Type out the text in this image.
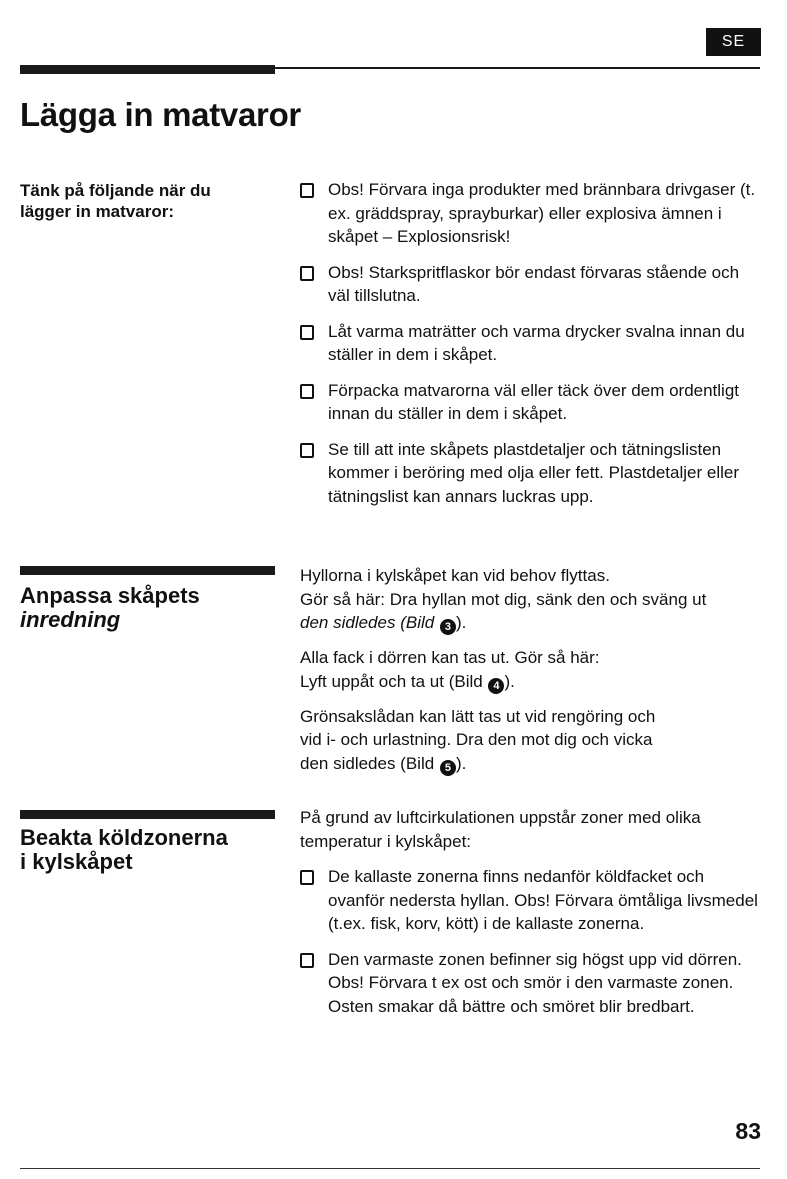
SE
Lägga in matvaror
Tänk på följande när du lägger in matvaror:
Obs! Förvara inga produkter med brännbara drivgaser (t. ex. gräddspray, sprayburkar) eller explosiva ämnen i skåpet – Explosionsrisk!
Obs! Starkspritflaskor bör endast förvaras stående och väl tillslutna.
Låt varma maträtter och varma drycker svalna innan du ställer in dem i skåpet.
Förpacka matvarorna väl eller täck över dem ordentligt innan du ställer in dem i skåpet.
Se till att inte skåpets plastdetaljer och tätningslisten kommer i beröring med olja eller fett. Plastdetaljer eller tätningslist kan annars luckras upp.
Anpassa skåpets
inredning

Hyllorna i kylskåpet kan vid behov flyttas.
Gör så här: Dra hyllan mot dig, sänk den och sväng ut
den sidledes (Bild 3 ).

Alla fack i dörren kan tas ut. Gör så här:
Lyft uppåt och ta ut (Bild 4 ).

Grönsakslådan kan lätt tas ut vid rengöring och
vid i- och urlastning. Dra den mot dig och vicka
den sidledes (Bild 5 ).

Beakta köldzonerna
i kylskåpet

På grund av luftcirkulationen uppstår zoner med olika temperatur i kylskåpet:

De kallaste zonerna finns nedanför köldfacket och ovanför nedersta hyllan. Obs! Förvara ömtåliga livsmedel (t.ex. fisk, korv, kött) i de kallaste zonerna.
Den varmaste zonen befinner sig högst upp vid dörren.
Obs! Förvara t ex ost och smör i den varmaste zonen. Osten smakar då bättre och smöret blir bredbart.
83
